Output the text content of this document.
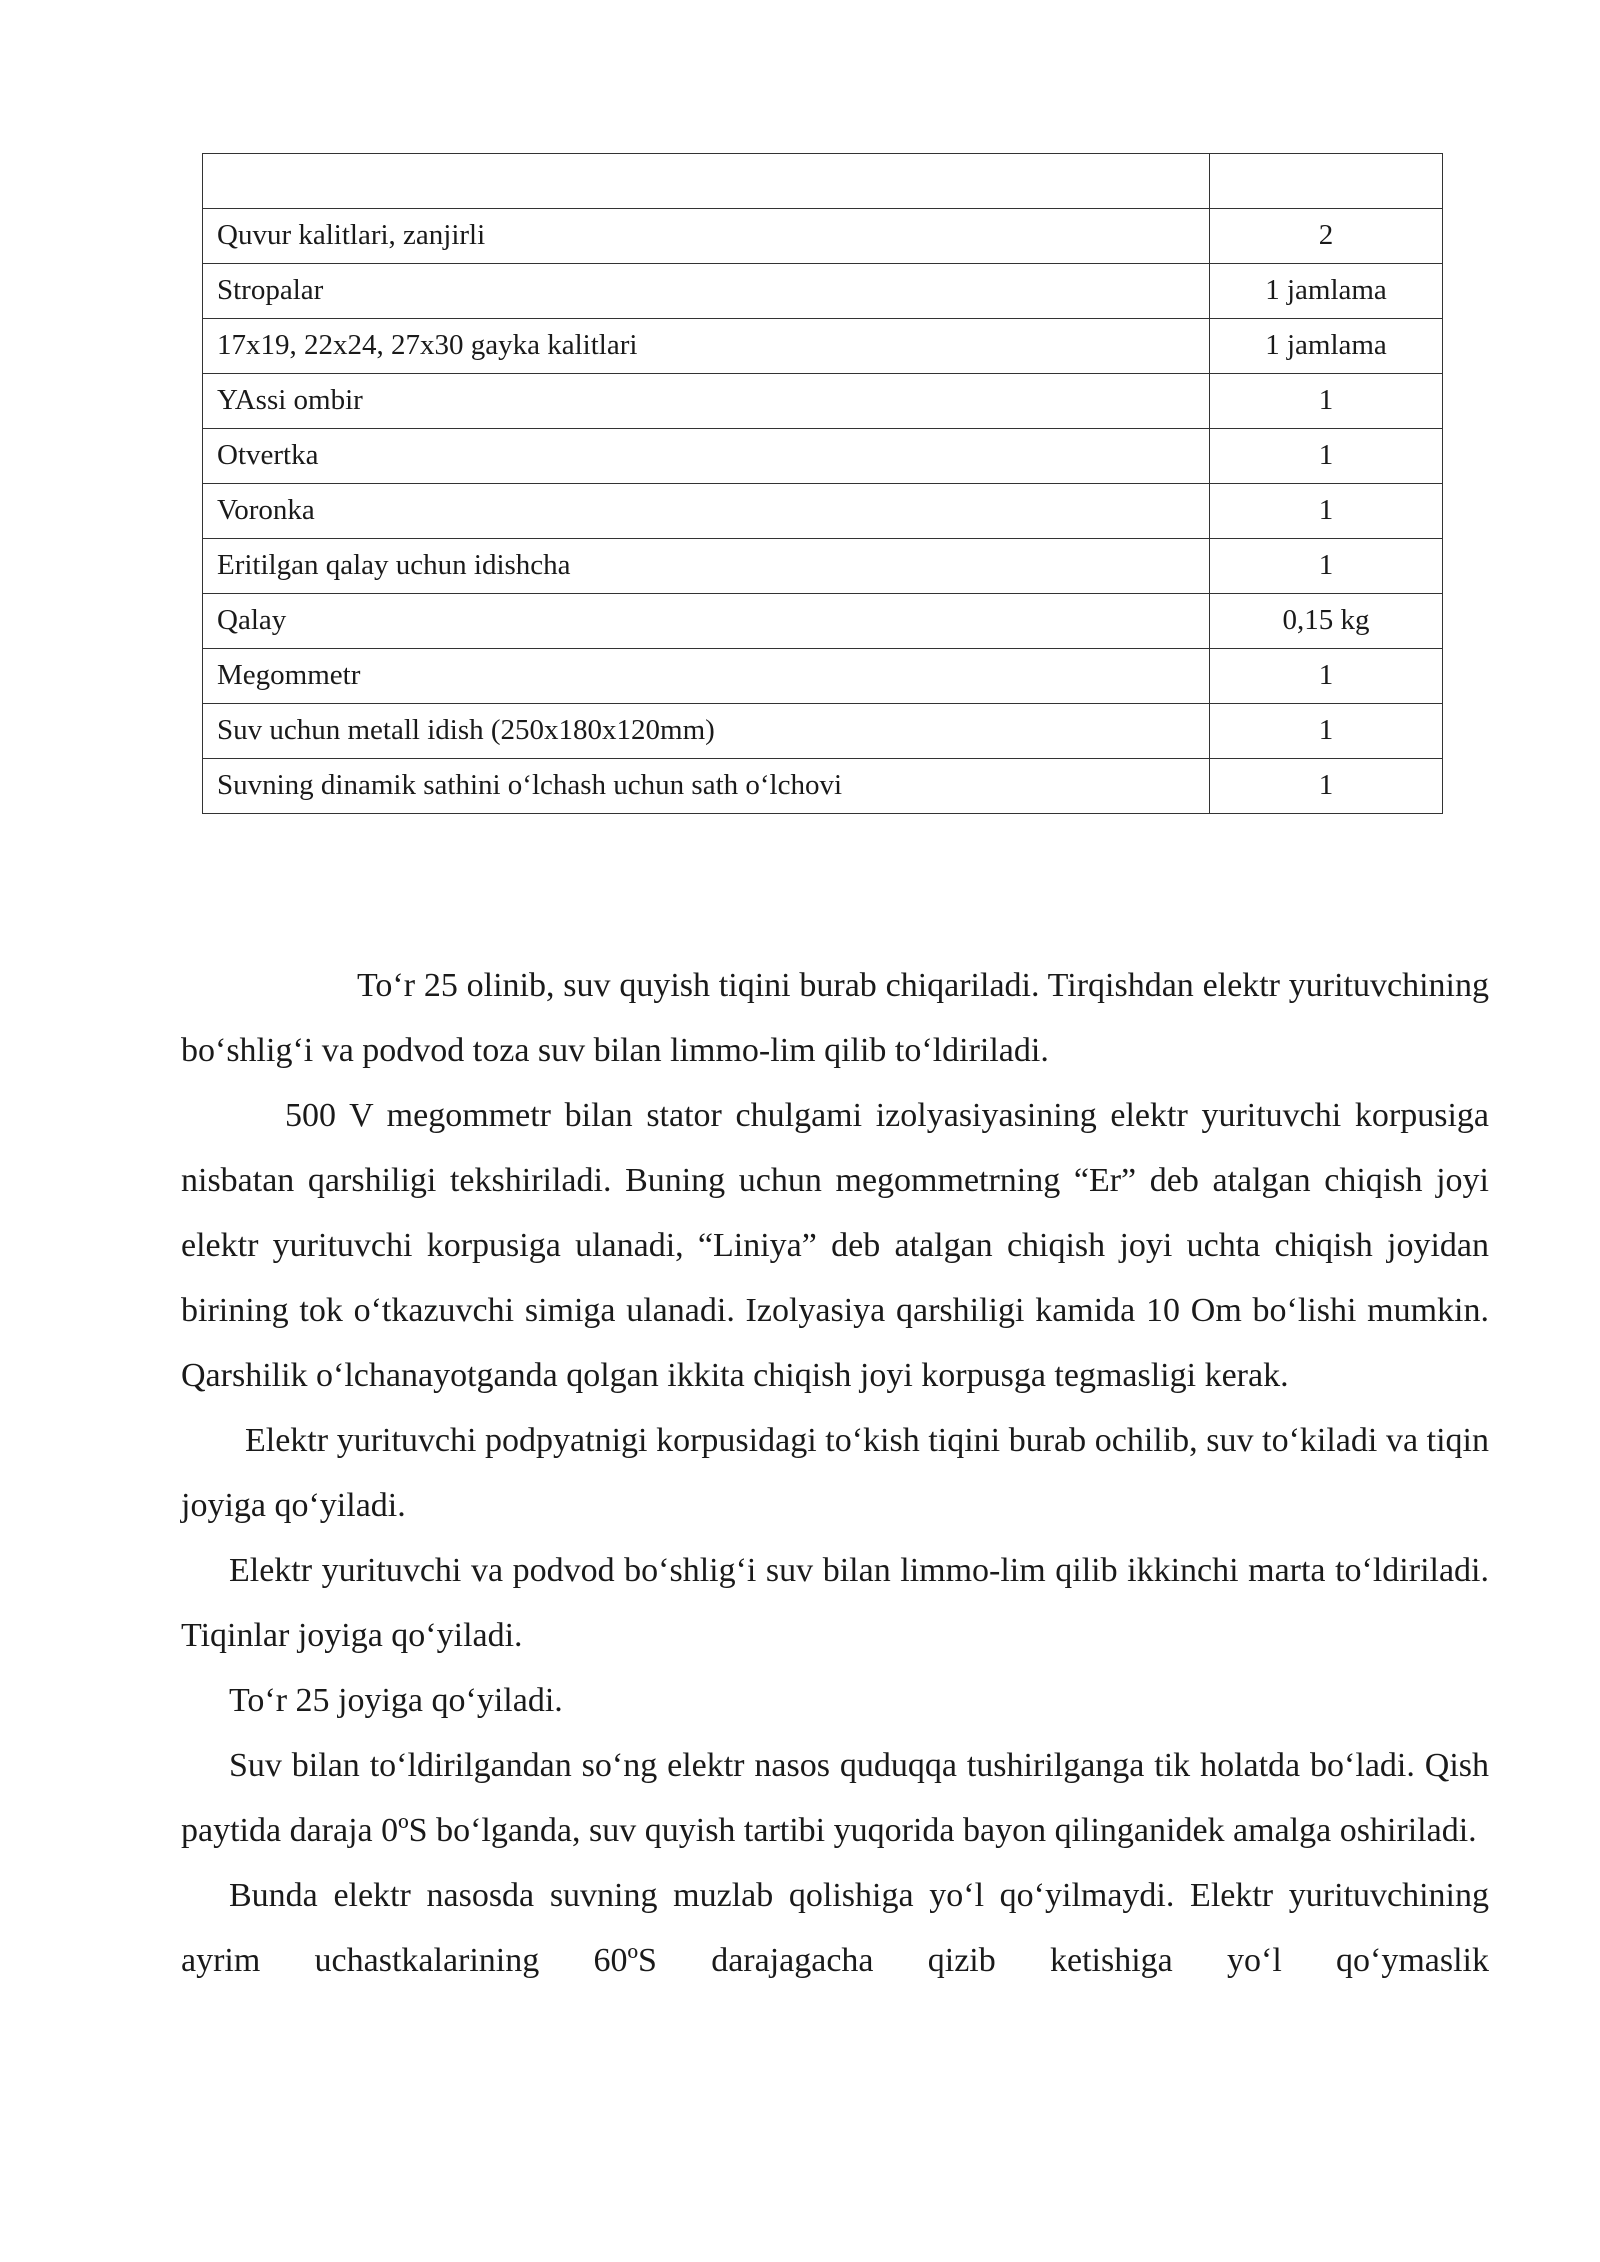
Quvur kalitlari, zanjirli	2
Stropalar	1 jamlama
17x19, 22x24, 27x30 gayka kalitlari	1 jamlama
YAssi ombir	1
Otvertka	1
Voronka	1
Eritilgan qalay uchun idishcha	1
Qalay	0,15 kg
Megommetr	1
Suv uchun metall idish (250x180x120mm)	1
Suvning dinamik sathini o‘lchash uchun sath o‘lchovi	1

To‘r 25 olinib, suv quyish tiqini burab chiqariladi. Tirqishdan elektr yurituvchining bo‘shlig‘i va podvod toza suv bilan limmo-lim qilib to‘ldiriladi.

500 V megommetr bilan stator chulgami izolyasiyasining elektr yurituvchi korpusiga nisbatan qarshiligi tekshiriladi. Buning uchun megommetrning “Er” deb atalgan chiqish joyi elektr yurituvchi korpusiga ulanadi, “Liniya” deb atalgan chiqish joyi uchta chiqish joyidan birining tok o‘tkazuvchi simiga ulanadi. Izolyasiya qarshiligi kamida 10 Om bo‘lishi mumkin. Qarshilik o‘lchanayotganda qolgan ikkita chiqish joyi korpusga tegmasligi kerak.

Elektr yurituvchi podpyatnigi korpusidagi to‘kish tiqini burab ochilib, suv to‘kiladi va tiqin joyiga qo‘yiladi.

Elektr yurituvchi va podvod bo‘shlig‘i suv bilan limmo-lim qilib ikkinchi marta to‘ldiriladi. Tiqinlar joyiga qo‘yiladi.

To‘r 25 joyiga qo‘yiladi.

Suv bilan to‘ldirilgandan so‘ng elektr nasos quduqqa tushirilganga tik holatda bo‘ladi. Qish paytida daraja 0ºS bo‘lganda, suv quyish tartibi yuqorida bayon qilinganidek amalga oshiriladi.

Bunda elektr nasosda suvning muzlab qolishiga yo‘l qo‘yilmaydi. Elektr yurituvchining ayrim uchastkalarining 60ºS darajagacha qizib ketishiga yo‘l qo‘ymaslik
